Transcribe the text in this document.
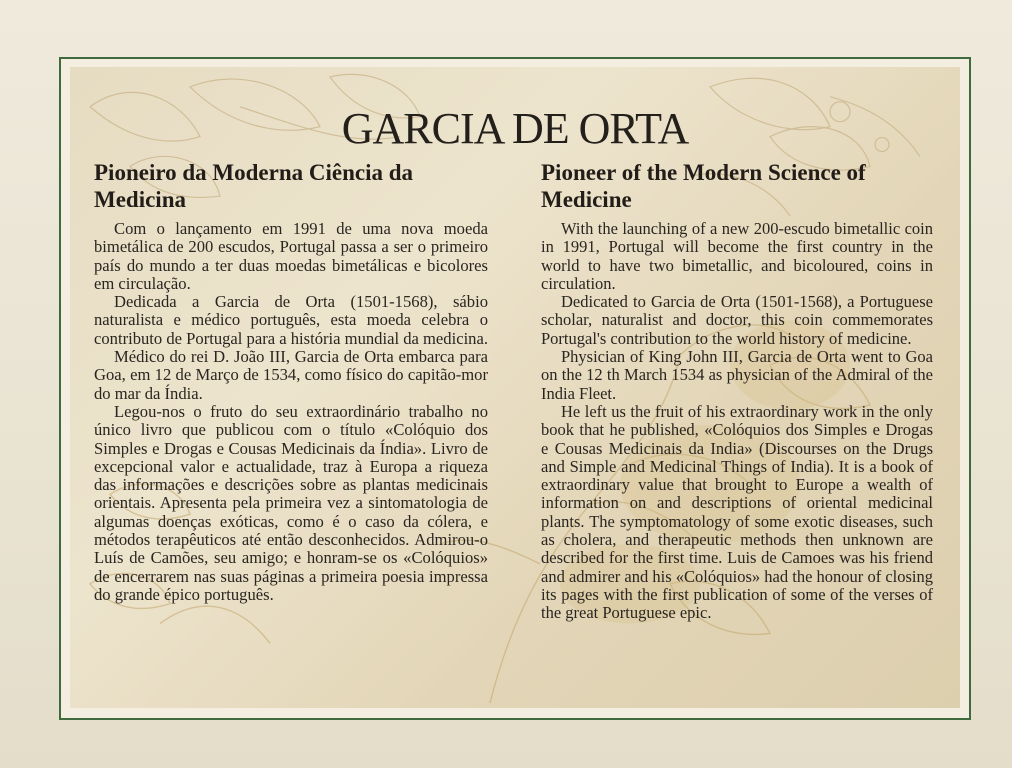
GARCIA DE ORTA
Pioneiro da Moderna Ciência da Medicina

Com o lançamento em 1991 de uma nova moeda bimetálica de 200 escudos, Portugal passa a ser o primeiro país do mundo a ter duas moedas bimetálicas e bicolores em circulação.

Dedicada a Garcia de Orta (1501-1568), sábio naturalista e médico português, esta moeda celebra o contributo de Portugal para a história mundial da medicina.

Médico do rei D. João III, Garcia de Orta embarca para Goa, em 12 de Março de 1534, como físico do capitão-mor do mar da Índia.

Legou-nos o fruto do seu extraordinário trabalho no único livro que publicou com o título «Colóquio dos Simples e Drogas e Cousas Medicinais da Índia». Livro de excepcional valor e actualidade, traz à Europa a riqueza das informações e descrições sobre as plantas medicinais orientais. Apresenta pela primeira vez a sintomatologia de algumas doenças exóticas, como é o caso da cólera, e métodos terapêuticos até então desconhecidos. Admirou-o Luís de Camões, seu amigo; e honram-se os «Colóquios» de encerrarem nas suas páginas a primeira poesia impressa do grande épico português.

Pioneer of the Modern Science of Medicine

With the launching of a new 200-escudo bimetallic coin in 1991, Portugal will become the first country in the world to have two bimetallic, and bicoloured, coins in circulation.

Dedicated to Garcia de Orta (1501-1568), a Portuguese scholar, naturalist and doctor, this coin commemorates Portugal's contribution to the world history of medicine.

Physician of King John III, Garcia de Orta went to Goa on the 12 th March 1534 as physician of the Admiral of the India Fleet.

He left us the fruit of his extraordinary work in the only book that he published, «Colóquios dos Simples e Drogas e Cousas Medicinais da India» (Discourses on the Drugs and Simple and Medicinal Things of India). It is a book of extraordinary value that brought to Europe a wealth of information on and descriptions of oriental medicinal plants. The symptomatology of some exotic diseases, such as cholera, and therapeutic methods then unknown are described for the first time. Luis de Camoes was his friend and admirer and his «Colóquios» had the honour of closing its pages with the first publication of some of the verses of the great Portuguese epic.
